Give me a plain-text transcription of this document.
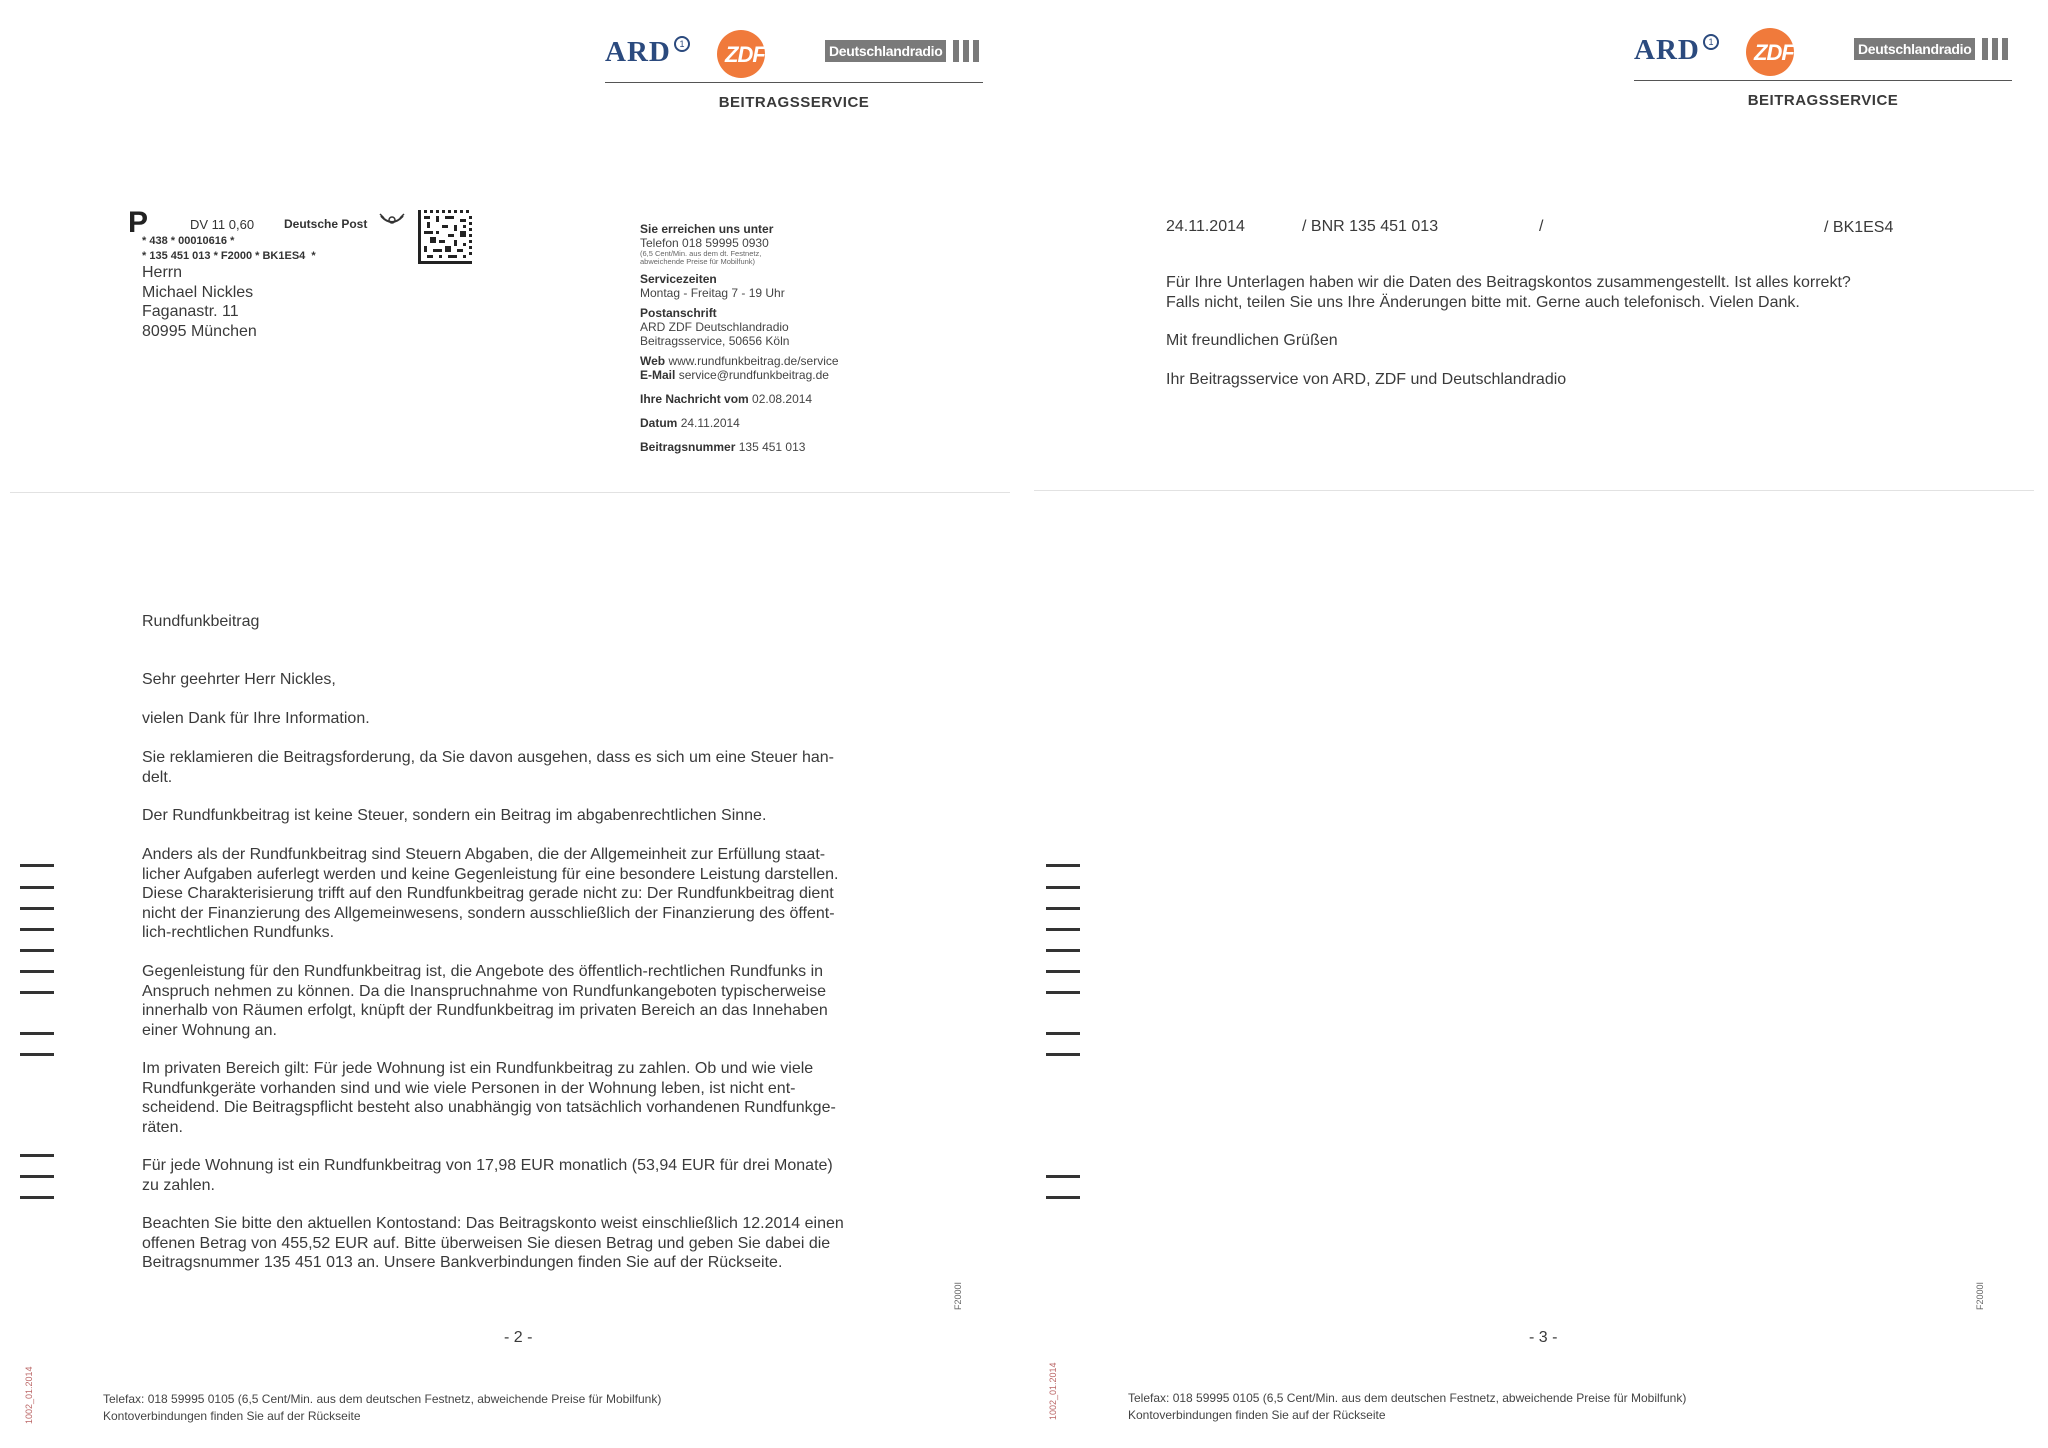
ARD 1 ZDF	Deutschlandradio
BEITRAGSSERVICE
P	DV 11 0,60 Deutsche Post
* 438 * 00010616 *
* 135 451 013 * F2000 * BK1ES4  *
Herrn
Michael Nickles
Faganastr. 11
80995 München
Sie erreichen uns unter
Telefon 018 59995 0930
(6,5 Cent/Min. aus dem dt. Festnetz,
abweichende Preise für Mobilfunk)
Servicezeiten
Montag - Freitag 7 - 19 Uhr
Postanschrift
ARD ZDF Deutschlandradio
Beitragsservice, 50656 Köln
Web www.rundfunkbeitrag.de/service
E-Mail service@rundfunkbeitrag.de
Ihre Nachricht vom 02.08.2014
Datum 24.11.2014
Beitragsnummer 135 451 013
Rundfunkbeitrag
Sehr geehrter Herr Nickles,
vielen Dank für Ihre Information.

Sie reklamieren die Beitragsforderung, da Sie davon ausgehen, dass es sich um eine Steuer han-

delt.

Der Rundfunkbeitrag ist keine Steuer, sondern ein Beitrag im abgabenrechtlichen Sinne.

Anders als der Rundfunkbeitrag sind Steuern Abgaben, die der Allgemeinheit zur Erfüllung staat-

licher Aufgaben auferlegt werden und keine Gegenleistung für eine besondere Leistung darstellen.

Diese Charakterisierung trifft auf den Rundfunkbeitrag gerade nicht zu: Der Rundfunkbeitrag dient

nicht der Finanzierung des Allgemeinwesens, sondern ausschließlich der Finanzierung des öffent-

lich-rechtlichen Rundfunks.

Gegenleistung für den Rundfunkbeitrag ist, die Angebote des öffentlich-rechtlichen Rundfunks in

Anspruch nehmen zu können. Da die Inanspruchnahme von Rundfunkangeboten typischerweise

innerhalb von Räumen erfolgt, knüpft der Rundfunkbeitrag im privaten Bereich an das Innehaben

einer Wohnung an.

Im privaten Bereich gilt: Für jede Wohnung ist ein Rundfunkbeitrag zu zahlen. Ob und wie viele

Rundfunkgeräte vorhanden sind und wie viele Personen in der Wohnung leben, ist nicht ent-

scheidend. Die Beitragspflicht besteht also unabhängig von tatsächlich vorhandenen Rundfunkge-

räten.

Für jede Wohnung ist ein Rundfunkbeitrag von 17,98 EUR monatlich (53,94 EUR für drei Monate)

zu zahlen.

Beachten Sie bitte den aktuellen Kontostand: Das Beitragskonto weist einschließlich 12.2014 einen

offenen Betrag von 455,52 EUR auf. Bitte überweisen Sie diesen Betrag und geben Sie dabei die

Beitragsnummer 135 451 013 an. Unsere Bankverbindungen finden Sie auf der Rückseite.

F2000I
- 2 -
1002_01.2014	Telefax: 018 59995 0105 (6,5 Cent/Min. aus dem deutschen Festnetz, abweichende Preise für Mobilfunk)
Kontoverbindungen finden Sie auf der Rückseite
ARD 1 ZDF	Deutschlandradio
BEITRAGSSERVICE
24.11.2014	/ BNR 135 451 013	/	/ BK1ES4
Für Ihre Unterlagen haben wir die Daten des Beitragskontos zusammengestellt. Ist alles korrekt?
Falls nicht, teilen Sie uns Ihre Änderungen bitte mit. Gerne auch telefonisch. Vielen Dank.
Mit freundlichen Grüßen
Ihr Beitragsservice von ARD, ZDF und Deutschlandradio
F2000I
- 3 -
1002_01.2014	Telefax: 018 59995 0105 (6,5 Cent/Min. aus dem deutschen Festnetz, abweichende Preise für Mobilfunk)
Kontoverbindungen finden Sie auf der Rückseite
